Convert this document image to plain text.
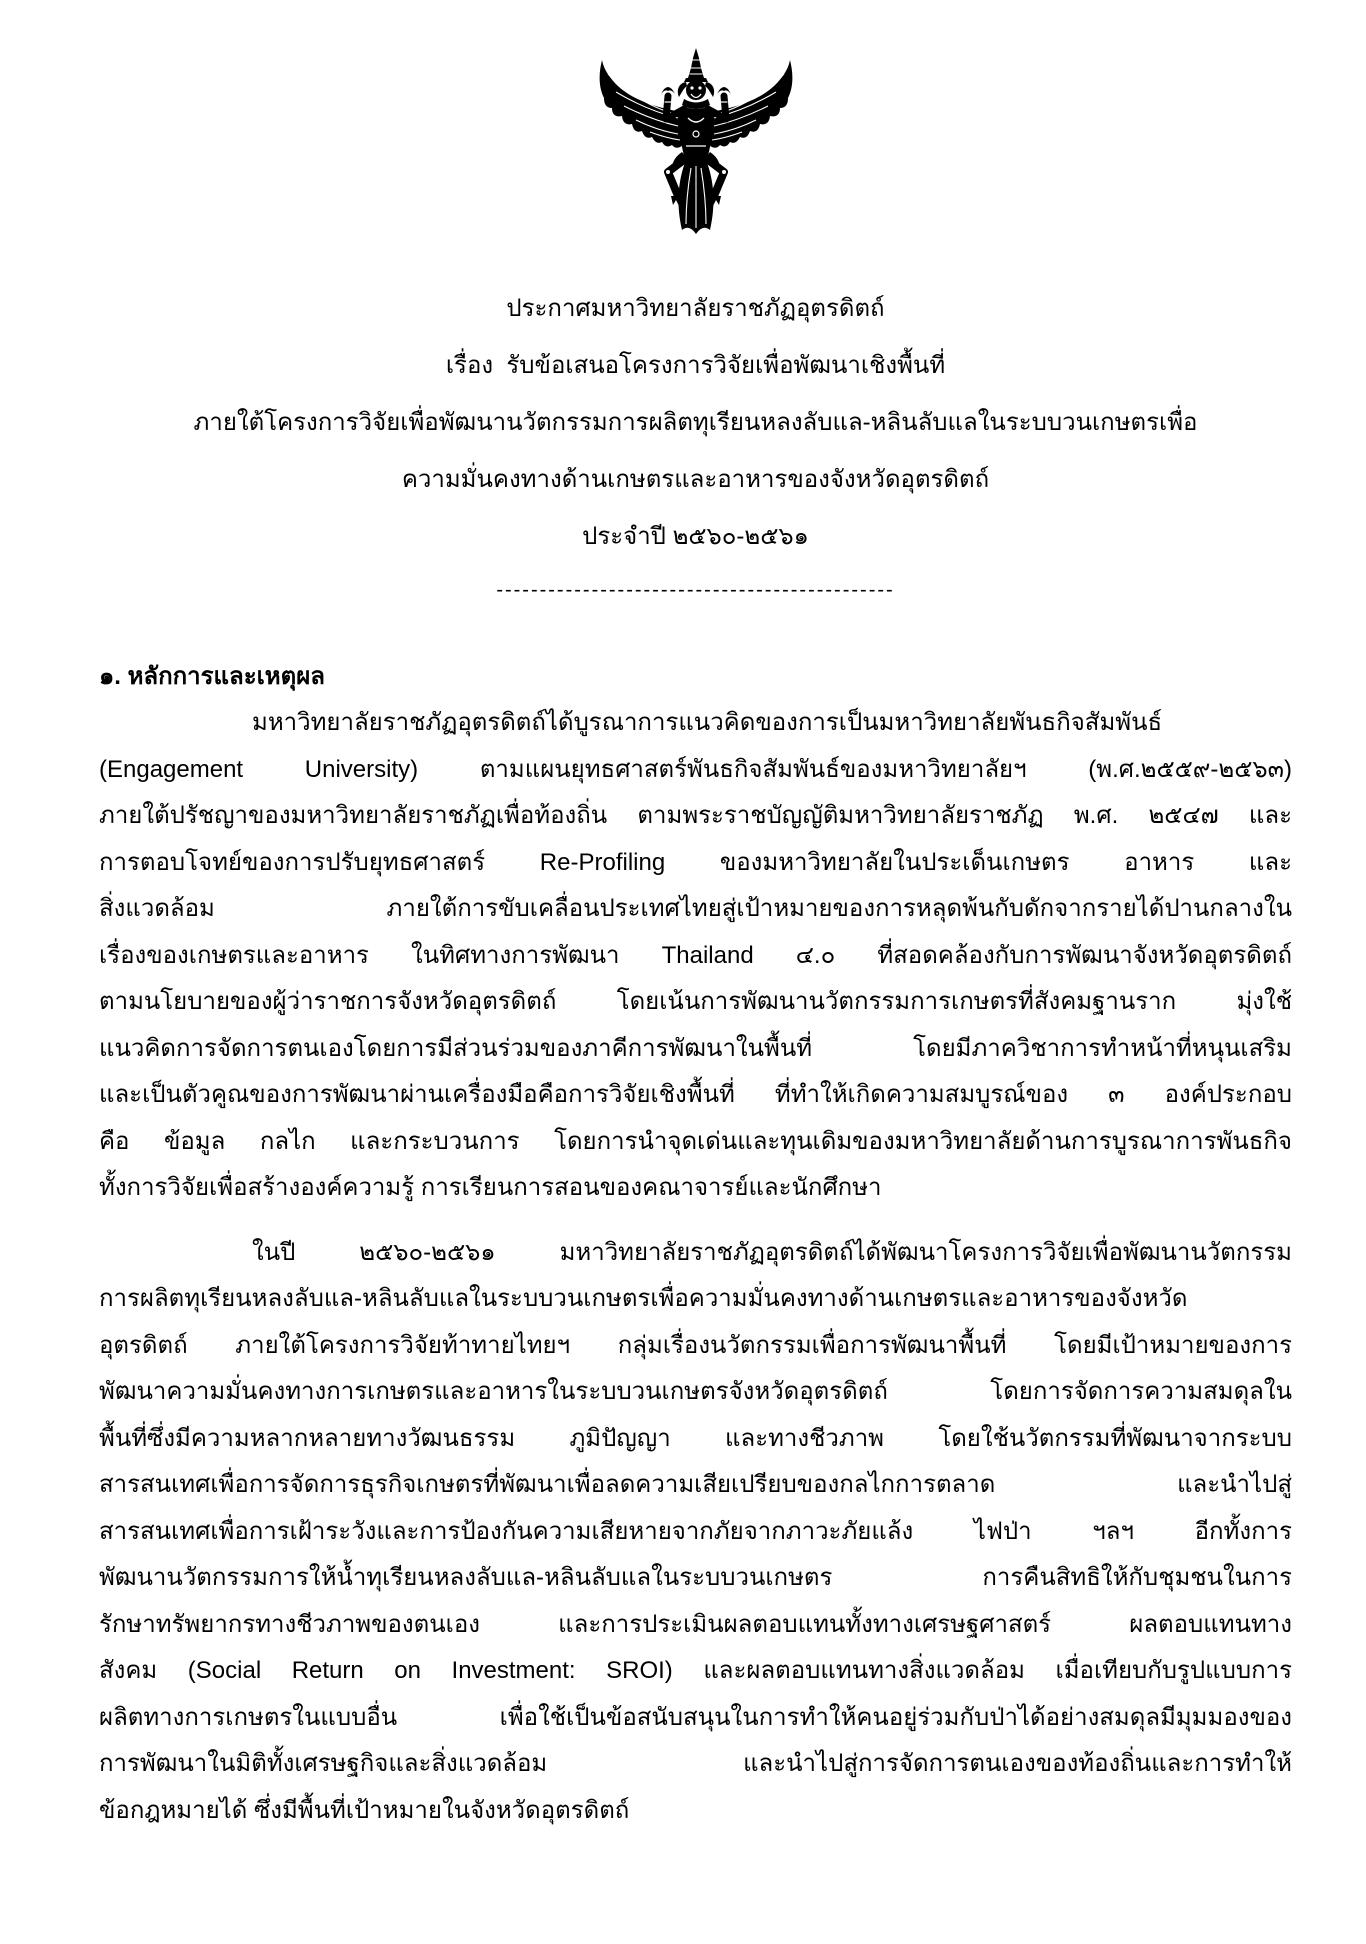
ประกาศมหาวิทยาลัยราชภัฏอุตรดิตถ์
เรื่อง  รับข้อเสนอโครงการวิจัยเพื่อพัฒนาเชิงพื้นที่
ภายใต้โครงการวิจัยเพื่อพัฒนานวัตกรรมการผลิตทุเรียนหลงลับแล-หลินลับแลในระบบวนเกษตรเพื่อ
ความมั่นคงทางด้านเกษตรและอาหารของจังหวัดอุตรดิตถ์
ประจำปี ๒๕๖๐-๒๕๖๑
----------------------------------------------
๑. หลักการและเหตุผล
มหาวิทยาลัยราชภัฏอุตรดิตถ์ได้บูรณาการแนวคิดของการเป็นมหาวิทยาลัยพันธกิจสัมพันธ์
(Engagement University) ตามแผนยุทธศาสตร์พันธกิจสัมพันธ์ของมหาวิทยาลัยฯ (พ.ศ.๒๕๕๙-๒๕๖๓)
ภายใต้ปรัชญาของมหาวิทยาลัยราชภัฏเพื่อท้องถิ่น ตามพระราชบัญญัติมหาวิทยาลัยราชภัฏ พ.ศ. ๒๕๔๗ และ
การตอบโจทย์ของการปรับยุทธศาสตร์ Re-Profiling ของมหาวิทยาลัยในประเด็นเกษตร อาหาร และ
สิ่งแวดล้อม ภายใต้การขับเคลื่อนประเทศไทยสู่เป้าหมายของการหลุดพ้นกับดักจากรายได้ปานกลางใน
เรื่องของเกษตรและอาหาร ในทิศทางการพัฒนา Thailand ๔.๐ ที่สอดคล้องกับการพัฒนาจังหวัดอุตรดิตถ์
ตามนโยบายของผู้ว่าราชการจังหวัดอุตรดิตถ์ โดยเน้นการพัฒนานวัตกรรมการเกษตรที่สังคมฐานราก มุ่งใช้
แนวคิดการจัดการตนเองโดยการมีส่วนร่วมของภาคีการพัฒนาในพื้นที่ โดยมีภาควิชาการทำหน้าที่หนุนเสริม
และเป็นตัวคูณของการพัฒนาผ่านเครื่องมือคือการวิจัยเชิงพื้นที่ ที่ทำให้เกิดความสมบูรณ์ของ ๓ องค์ประกอบ
คือ ข้อมูล กลไก และกระบวนการ โดยการนำจุดเด่นและทุนเดิมของมหาวิทยาลัยด้านการบูรณาการพันธกิจ
ทั้งการวิจัยเพื่อสร้างองค์ความรู้ การเรียนการสอนของคณาจารย์และนักศึกษา
ในปี ๒๕๖๐-๒๕๖๑ มหาวิทยาลัยราชภัฏอุตรดิตถ์ได้พัฒนาโครงการวิจัยเพื่อพัฒนานวัตกรรม
การผลิตทุเรียนหลงลับแล-หลินลับแลในระบบวนเกษตรเพื่อความมั่นคงทางด้านเกษตรและอาหารของจังหวัด
อุตรดิตถ์ ภายใต้โครงการวิจัยท้าทายไทยฯ กลุ่มเรื่องนวัตกรรมเพื่อการพัฒนาพื้นที่ โดยมีเป้าหมายของการ
พัฒนาความมั่นคงทางการเกษตรและอาหารในระบบวนเกษตรจังหวัดอุตรดิตถ์ โดยการจัดการความสมดุลใน
พื้นที่ซึ่งมีความหลากหลายทางวัฒนธรรม ภูมิปัญญา และทางชีวภาพ โดยใช้นวัตกรรมที่พัฒนาจากระบบ
สารสนเทศเพื่อการจัดการธุรกิจเกษตรที่พัฒนาเพื่อลดความเสียเปรียบของกลไกการตลาด และนำไปสู่
สารสนเทศเพื่อการเฝ้าระวังและการป้องกันความเสียหายจากภัยจากภาวะภัยแล้ง ไฟป่า ฯลฯ อีกทั้งการ
พัฒนานวัตกรรมการให้น้ำทุเรียนหลงลับแล-หลินลับแลในระบบวนเกษตร การคืนสิทธิให้กับชุมชนในการ
รักษาทรัพยากรทางชีวภาพของตนเอง และการประเมินผลตอบแทนทั้งทางเศรษฐศาสตร์ ผลตอบแทนทาง
สังคม (Social Return on Investment: SROI) และผลตอบแทนทางสิ่งแวดล้อม เมื่อเทียบกับรูปแบบการ
ผลิตทางการเกษตรในแบบอื่น เพื่อใช้เป็นข้อสนับสนุนในการทำให้คนอยู่ร่วมกับป่าได้อย่างสมดุลมีมุมมองของ
การพัฒนาในมิติทั้งเศรษฐกิจและสิ่งแวดล้อม และนำไปสู่การจัดการตนเองของท้องถิ่นและการทำให้
ข้อกฎหมายได้ ซึ่งมีพื้นที่เป้าหมายในจังหวัดอุตรดิตถ์
